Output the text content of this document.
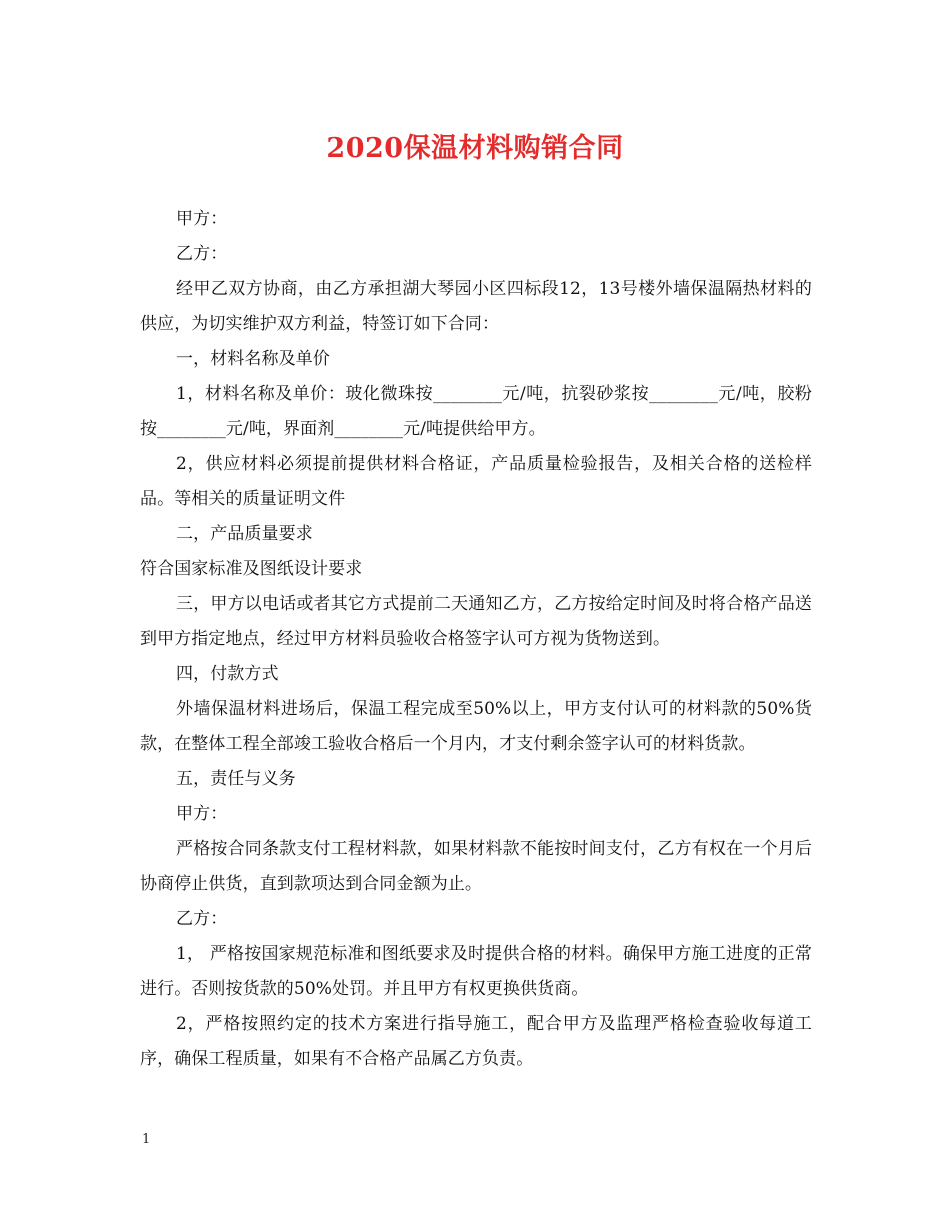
2020保温材料购销合同

甲方：

乙方：

经甲乙双方协商，由乙方承担湖大琴园小区四标段12，13号楼外墙保温隔热材料的供应，为切实维护双方利益，特签订如下合同：

一，材料名称及单价

1，材料名称及单价：玻化微珠按________元/吨，抗裂砂浆按________元/吨，胶粉按________元/吨，界面剂________元/吨提供给甲方。

2，供应材料必须提前提供材料合格证，产品质量检验报告，及相关合格的送检样品。等相关的质量证明文件

二，产品质量要求

符合国家标准及图纸设计要求

三，甲方以电话或者其它方式提前二天通知乙方，乙方按给定时间及时将合格产品送到甲方指定地点，经过甲方材料员验收合格签字认可方视为货物送到。

四，付款方式

外墙保温材料进场后，保温工程完成至50%以上，甲方支付认可的材料款的50%货款，在整体工程全部竣工验收合格后一个月内，才支付剩余签字认可的材料货款。

五，责任与义务

甲方：

严格按合同条款支付工程材料款，如果材料款不能按时间支付，乙方有权在一个月后协商停止供货，直到款项达到合同金额为止。

乙方：

1， 严格按国家规范标准和图纸要求及时提供合格的材料。确保甲方施工进度的正常进行。否则按货款的50%处罚。并且甲方有权更换供货商。

2，严格按照约定的技术方案进行指导施工，配合甲方及监理严格检查验收每道工序，确保工程质量，如果有不合格产品属乙方负责。

1
